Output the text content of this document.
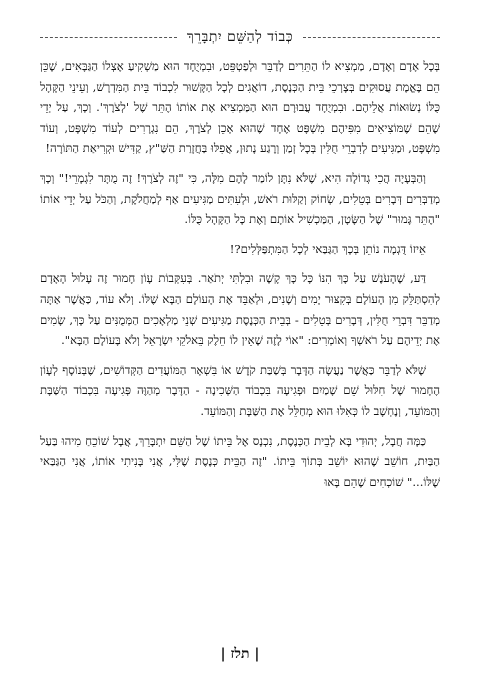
כְּבוֹד לְהַשֵּׁם יִתְבָּרֵךְ

בְּכָל אָדָם וְאָדָם, מַמְצִיא לוֹ הַתֵּרִים לְדַבֵּר וּלְפַטְפֵּט, וּבִמְיֻחָד הוּא מַשְׁקִיעַ אֶצְלוֹ הַגַּבָּאִים, שֶׁכֵּן הֵם בֶּאֱמֶת עֲסוּקִים בְּצָרְכֵי בֵּית הַכְּנֶסֶת, דוֹאֲגִים לְכָל הַקָּשׁוּר לִכְבוֹד בֵּית הַמִּדְרָשׁ, וְעֵינֵי הַקָּהָל כֻּלּוֹ נְשׂוּאוֹת אֲלֵיהֶם. וּבִמְיֻחָד עֲבוּרָם הוּא הַמַּמְצִיא אֶת אוֹתוֹ הֶתֵּר שֶׁל 'לְצֹרֶךְ'. וְכָךְ, עַל יְדֵי שֶׁהֵם שֶׁמּוֹצִיאִים מִפִּיהֶם מִשְׁפָּט אֶחָד שֶׁהוּא אָכֵן לְצֹרֶךְ, הֵם נִגְרָרִים לְעוֹד מִשְׁפָּט, וְעוֹד מִשְׁפָּט, וּמַגִּיעִים לְדִבְרֵי חֻלִּין בְּכָל זְמַן וְרֶגַע נָתוּן, אֲפִלּוּ בַּחֲזָרַת הַשַּׁ"ץ, קַדִּישׁ וּקְרִיאַת הַתּוֹרָה!

וְהַבְּעָיָה הֲכִי גְדוֹלָה הִיא, שֶׁלֹּא נִתָּן לוֹמַר לָהֶם מִלָּה, כִּי "זֶה לְצֹרֶךְ! זֶה מֻתָּר לִגְמָרֵי!" וְכָךְ מְדַבְּרִים דְּבָרִים בְּטֵלִים, שְׂחוֹק וְקַלּוּת רֹאשׁ, וּלְעִתִּים מַגִּיעִים אַף לְמַחֲלֹקֶת, וְהַכֹּל עַל יְדֵי אוֹתוֹ "הֶתֵּר גָּמוּר" שֶׁל הַשָּׂטָן, הַמַּכְשִׁיל אוֹתָם וְאֶת כָּל הַקָּהָל כֻּלּוֹ.

אֵיזוֹ דֻּגְמָה נוֹתֵן בְּכָךְ הַגַּבַּאי לְכָל הַמִּתְפַּלְּלִים?!

דַּע, שֶׁהָעֹנֶשׁ עַל כָּךְ הִנּוֹ כָּל כָּךְ קָשֶׁה וּבִלְתִּי יְתֹאַר. בְּעִקְּבוֹת עָוֹן חָמוּר זֶה עָלוּל הָאָדָם לְהִסְתַּלֵּק מִן הָעוֹלָם בְּקִצּוּר יָמִים וְשָׁנִים, וּלְאַבֵּד אֶת הָעוֹלָם הַבָּא שֶׁלּוֹ. וְלֹא עוֹד, כַּאֲשֶׁר אַתָּה מְדַבֵּר דִּבְרֵי חֻלִּין, דְּבָרִים בְּטֵלִים - בְּבֵית הַכְּנֶסֶת מַגִּיעִים שְׁנֵי מַלְאָכִים הַמְּמֻנִּים עַל כָּךְ, שָׂמִים אֶת יְדֵיהֶם עַל רֹאשְׁךָ וְאוֹמְרִים: "אוֹי לָזֶה שֶׁאֵין לוֹ חֵלֶק בֵּאלֹקֵי יִשְׂרָאֵל וְלֹא בָּעוֹלָם הַבָּא".

שֶׁלֹּא לְדַבֵּר כַּאֲשֶׁר נַעֲשָׂה הַדָּבָר בְּשַׁבַּת קֹדֶשׁ אוֹ בִּשְׁאָר הַמּוֹעֲדִים הַקְּדוֹשִׁים, שֶׁבְּנוֹסָף לְעָוֹן הֶחָמוּר שֶׁל חִלּוּל שֵׁם שָׁמַיִם וּפְגִיעָה בִּכְבוֹד הַשְּׁכִינָה - הַדָּבָר מְהַוֶּה פְּגִיעָה בִּכְבוֹד הַשַּׁבָּת וְהַמּוֹעֵד, וְנֶחְשָׁב לוֹ כְּאִלּוּ הוּא מְחַלֵּל אֶת הַשַּׁבָּת וְהַמּוֹעֵד.

כַּמָּה חֲבָל, יְהוּדִי בָּא לְבֵית הַכְּנֶסֶת, נִכְנָס אֶל בֵּיתוֹ שֶׁל הַשֵּׁם יִתְבָּרֵךְ, אֲבָל שׁוֹכֵחַ מִיהוּ בַּעַל הַבַּיִת, חוֹשֵׁב שֶׁהוּא יוֹשֵׁב בְּתוֹךְ בֵּיתוֹ. "זֶה הַבֵּית כְּנֶסֶת שֶׁלִּי, אֲנִי בָּנִיתִי אוֹתוֹ, אֲנִי הַגַּבַּאי שֶׁלּוֹ..." שׁוֹכְחִים שֶׁהֵם בָּאוּ

| תלז |
